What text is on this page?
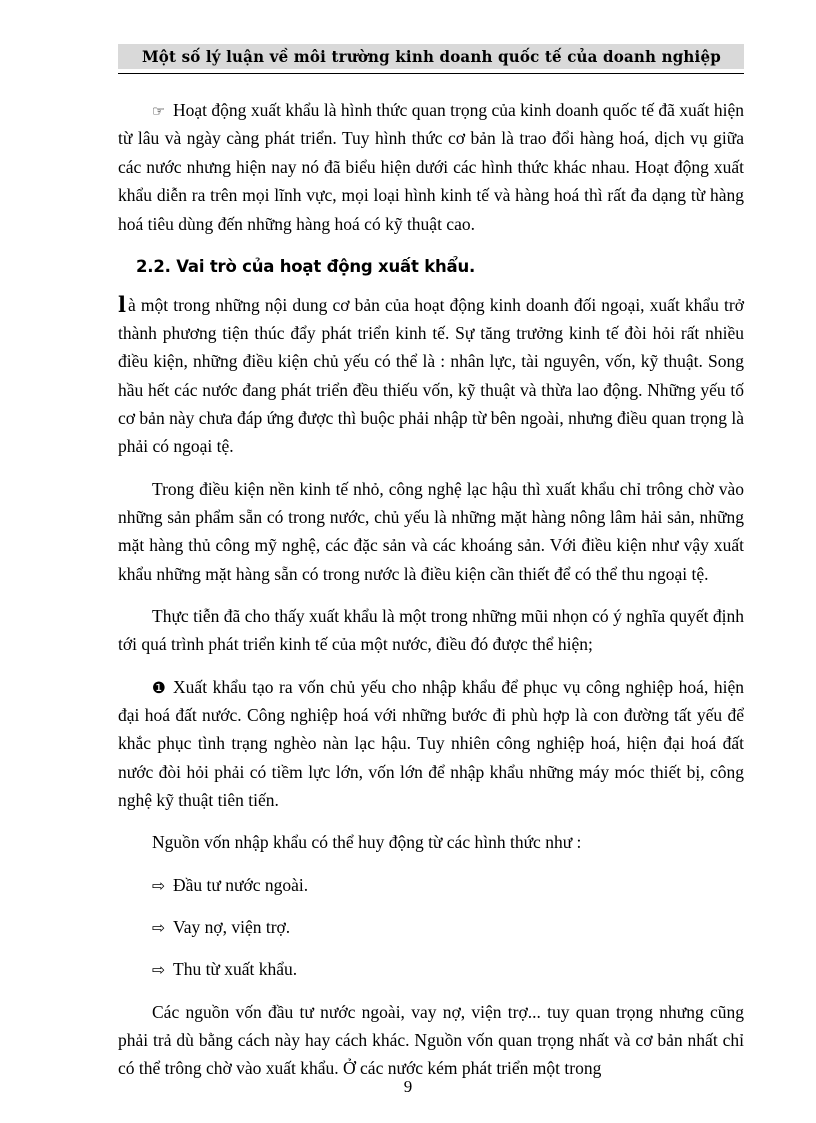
Một số lý luận về môi trường kinh doanh quốc tế của doanh nghiệp

☞ Hoạt động xuất khẩu là hình thức quan trọng của kinh doanh quốc tế đã xuất hiện từ lâu và ngày càng phát triển. Tuy hình thức cơ bản là trao đổi hàng hoá, dịch vụ giữa các nước nhưng hiện nay nó đã biểu hiện dưới các hình thức khác nhau. Hoạt động xuất khẩu diễn ra trên mọi lĩnh vực, mọi loại hình kinh tế và hàng hoá thì rất đa dạng từ hàng hoá tiêu dùng đến những hàng hoá có kỹ thuật cao.

2.2. Vai trò của hoạt động xuất khẩu.

l à một trong những nội dung cơ bản của hoạt động kinh doanh đối ngoại, xuất khẩu trở thành phương tiện thúc đẩy phát triển kinh tế. Sự tăng trưởng kinh tế đòi hỏi rất nhiều điều kiện, những điều kiện chủ yếu có thể là : nhân lực, tài nguyên, vốn, kỹ thuật. Song hầu hết các nước đang phát triển đều thiếu vốn, kỹ thuật và thừa lao động. Những yếu tố cơ bản này chưa đáp ứng được thì buộc phải nhập từ bên ngoài, nhưng điều quan trọng là phải có ngoại tệ.

Trong điều kiện nền kinh tế nhỏ, công nghệ lạc hậu thì xuất khẩu chỉ trông chờ vào những sản phẩm sẵn có trong nước, chủ yếu là những mặt hàng nông lâm hải sản, những mặt hàng thủ công mỹ nghệ, các đặc sản và các khoáng sản. Với điều kiện như vậy xuất khẩu những mặt hàng sẵn có trong nước là điều kiện cần thiết để có thể thu ngoại tệ.

Thực tiễn đã cho thấy xuất khẩu là một trong những mũi nhọn có ý nghĩa quyết định tới quá trình phát triển kinh tế của một nước, điều đó được thể hiện;

❶ Xuất khẩu tạo ra vốn chủ yếu cho nhập khẩu để phục vụ công nghiệp hoá, hiện đại hoá đất nước. Công nghiệp hoá với những bước đi phù hợp là con đường tất yếu để khắc phục tình trạng nghèo nàn lạc hậu. Tuy nhiên công nghiệp hoá, hiện đại hoá đất nước đòi hỏi phải có tiềm lực lớn, vốn lớn để nhập khẩu những máy móc thiết bị, công nghệ kỹ thuật tiên tiến.

Nguồn vốn nhập khẩu có thể huy động từ các hình thức như :

⇨ Đầu tư nước ngoài.

⇨ Vay nợ, viện trợ.

⇨ Thu từ xuất khẩu.

Các nguồn vốn đầu tư nước ngoài, vay nợ, viện trợ... tuy quan trọng nhưng cũng phải trả dù bằng cách này hay cách khác. Nguồn vốn quan trọng nhất và cơ bản nhất chỉ có thể trông chờ vào xuất khẩu. Ở các nước kém phát triển một trong

9
